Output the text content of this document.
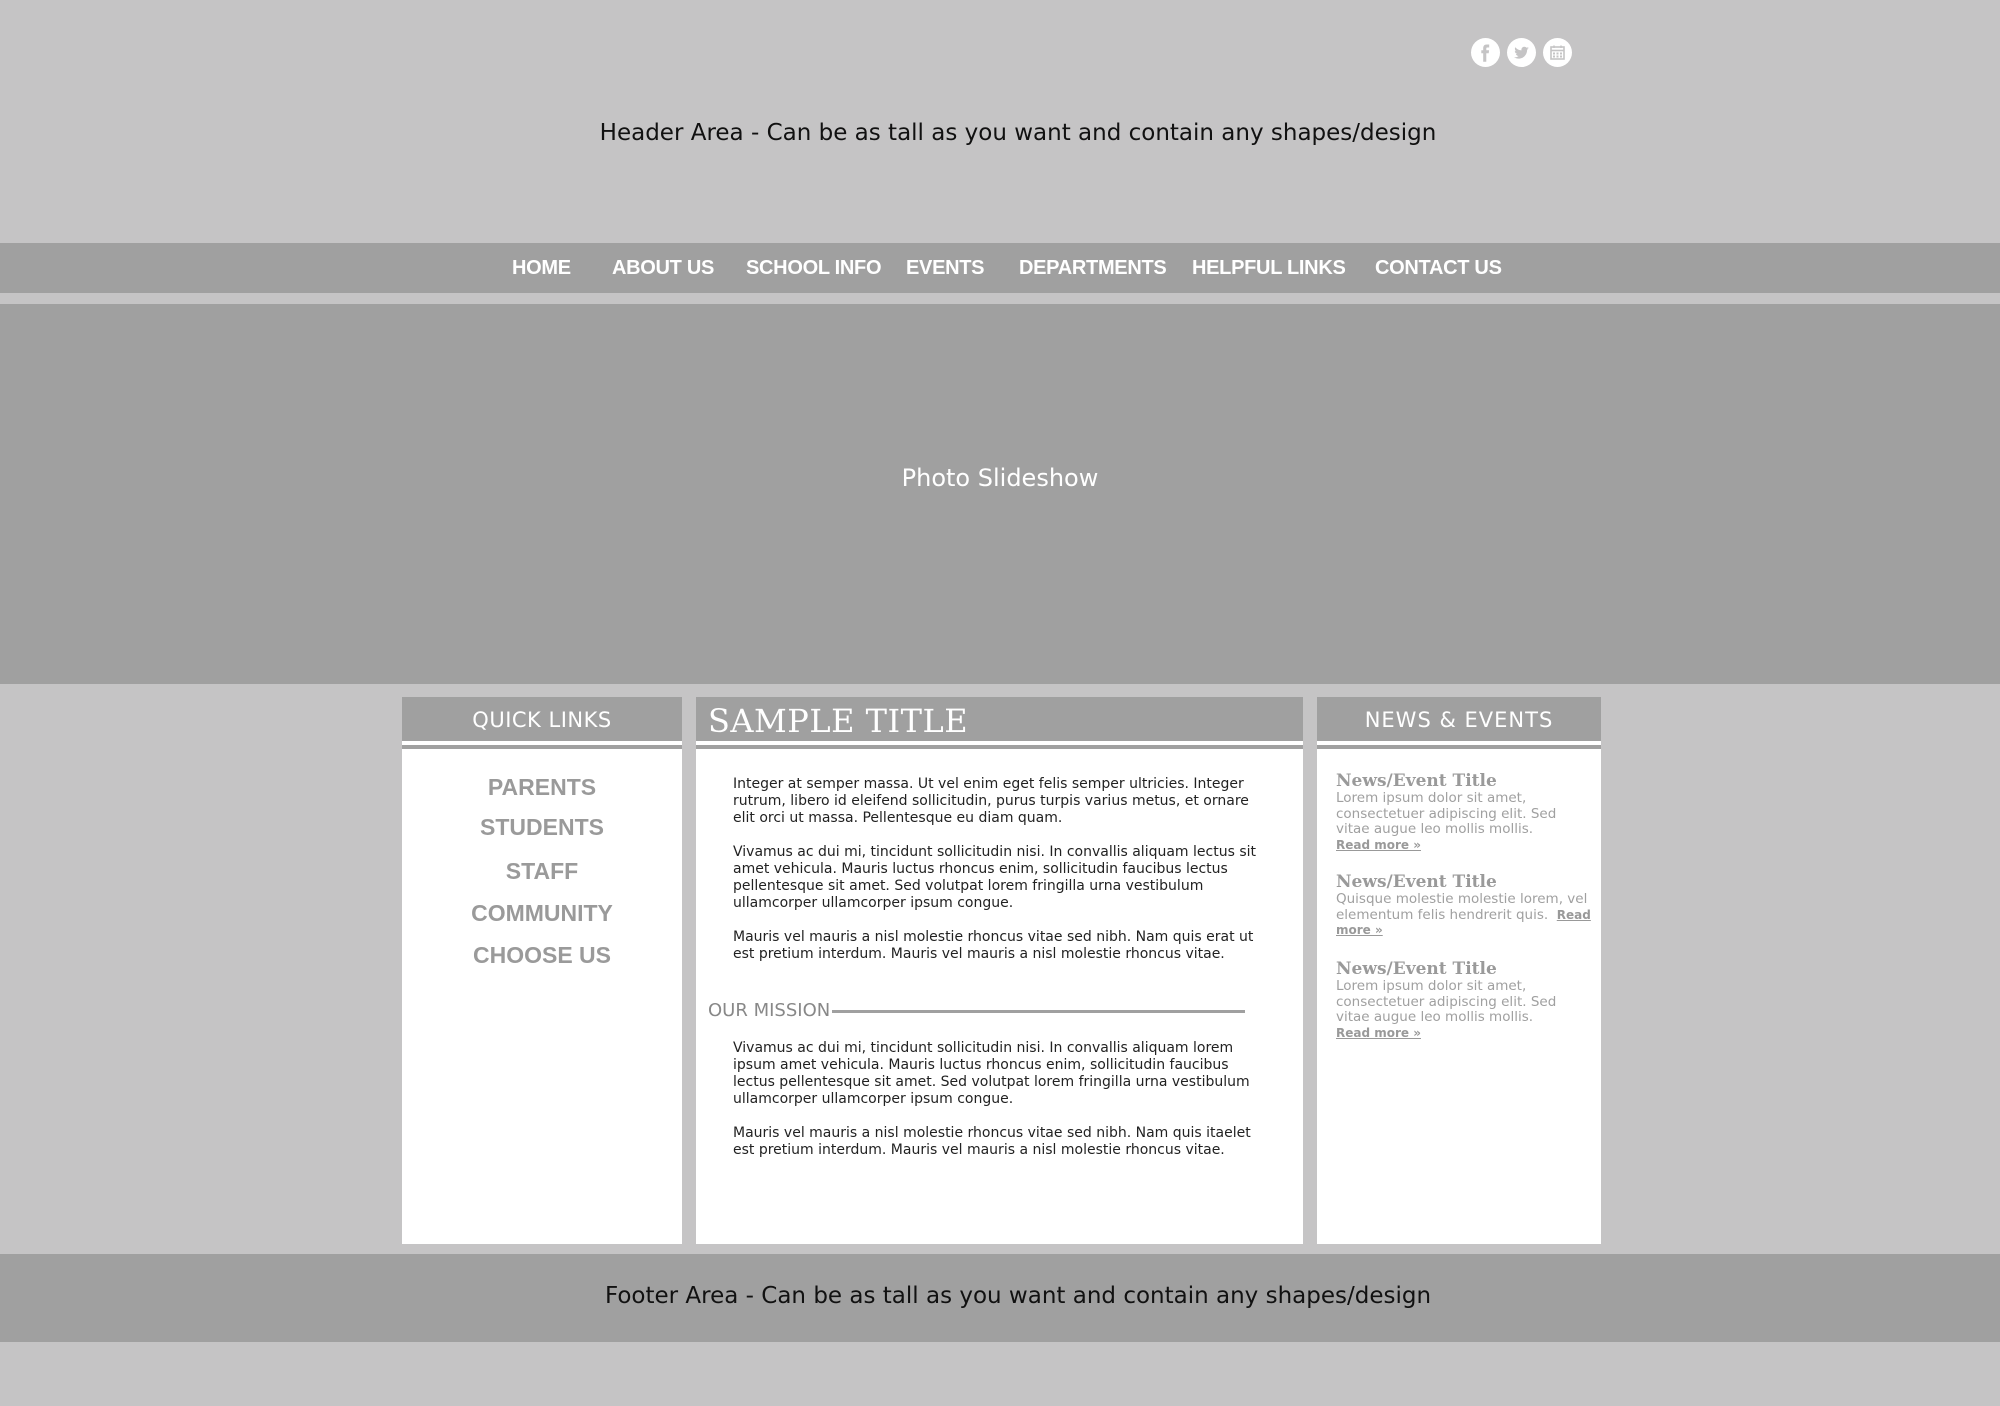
Header Area - Can be as tall as you want and contain any shapes/design
HOME ABOUT US SCHOOL INFO EVENTS DEPARTMENTS HELPFUL LINKS CONTACT US
Photo Slideshow
QUICK LINKS
PARENTS
STUDENTS
STAFF
COMMUNITY
CHOOSE US
SAMPLE TITLE

Integer at semper massa. Ut vel enim eget felis semper ultricies. Integer rutrum, libero id eleifend sollicitudin, purus turpis varius metus, et ornare elit orci ut massa. Pellentesque eu diam quam.

Vivamus ac dui mi, tincidunt sollicitudin nisi. In convallis aliquam lectus sit amet vehicula. Mauris luctus rhoncus enim, sollicitudin faucibus lectus pellentesque sit amet. Sed volutpat lorem fringilla urna vestibulum ullamcorper ullamcorper ipsum congue.

Mauris vel mauris a nisl molestie rhoncus vitae sed nibh. Nam quis erat ut est pretium interdum. Mauris vel mauris a nisl molestie rhoncus vitae.

OUR MISSION

Vivamus ac dui mi, tincidunt sollicitudin nisi. In convallis aliquam lorem ipsum amet vehicula. Mauris luctus rhoncus enim, sollicitudin faucibus lectus pellentesque sit amet. Sed volutpat lorem fringilla urna vestibulum ullamcorper ullamcorper ipsum congue.

Mauris vel mauris a nisl molestie rhoncus vitae sed nibh. Nam quis itaelet est pretium interdum. Mauris vel mauris a nisl molestie rhoncus vitae.

NEWS & EVENTS
News/Event Title
Lorem ipsum dolor sit amet, consectetuer adipiscing elit. Sed vitae augue leo mollis mollis.
Read more »
News/Event Title
Quisque molestie molestie lorem, vel elementum felis hendrerit quis. Read more »
News/Event Title
Lorem ipsum dolor sit amet, consectetuer adipiscing elit. Sed vitae augue leo mollis mollis.
Read more »
Footer Area - Can be as tall as you want and contain any shapes/design
